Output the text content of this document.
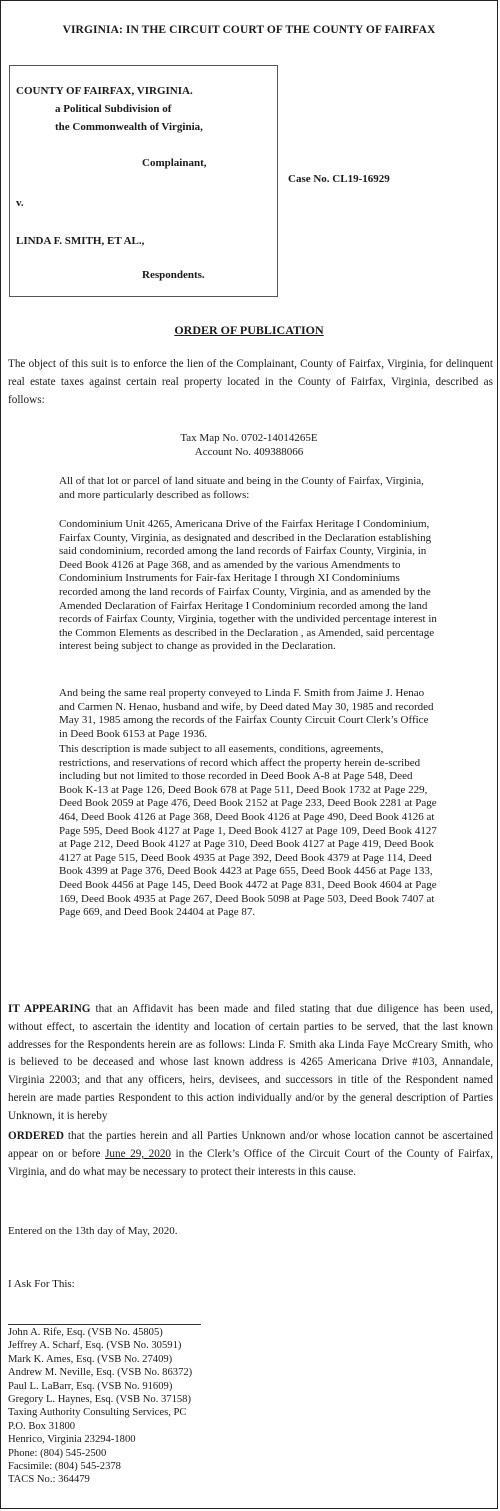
VIRGINIA: IN THE CIRCUIT COURT OF THE COUNTY OF FAIRFAX
COUNTY OF FAIRFAX, VIRGINIA.
a Political Subdivision of
the Commonwealth of Virginia,
Complainant,
v.
LINDA F. SMITH, ET AL.,
Respondents.
Case No. CL19-16929
ORDER OF PUBLICATION
The object of this suit is to enforce the lien of the Complainant, County of Fairfax, Virginia, for delinquent real estate taxes against certain real property located in the County of Fairfax, Virginia, described as follows:
Tax Map No. 0702-14014265E
Account No. 409388066
All of that lot or parcel of land situate and being in the County of Fairfax, Virginia, and more particularly described as follows:
Condominium Unit 4265, Americana Drive of the Fairfax Heritage I Condominium, Fairfax County, Virginia, as designated and described in the Declaration establishing said condominium, recorded among the land records of Fairfax County, Virginia, in Deed Book 4126 at Page 368, and as amended by the various Amendments to Condominium Instruments for Fair-fax Heritage I through XI Condominiums recorded among the land records of Fairfax County, Virginia, and as amended by the Amended Declaration of Fairfax Heritage I Condominium recorded among the land records of Fairfax County, Virginia, together with the undivided percentage interest in the Common Elements as described in the Declaration , as Amended, said percentage interest being subject to change as provided in the Declaration.
And being the same real property conveyed to Linda F. Smith from Jaime J. Henao and Carmen N. Henao, husband and wife, by Deed dated May 30, 1985 and recorded May 31, 1985 among the records of the Fairfax County Circuit Court Clerk’s Office in Deed Book 6153 at Page 1936.
This description is made subject to all easements, conditions, agreements, restrictions, and reservations of record which affect the property herein de-scribed including but not limited to those recorded in Deed Book A-8 at Page 548, Deed Book K-13 at Page 126, Deed Book 678 at Page 511, Deed Book 1732 at Page 229, Deed Book 2059 at Page 476, Deed Book 2152 at Page 233, Deed Book 2281 at Page 464, Deed Book 4126 at Page 368, Deed Book 4126 at Page 490, Deed Book 4126 at Page 595, Deed Book 4127 at Page 1, Deed Book 4127 at Page 109, Deed Book 4127 at Page 212, Deed Book 4127 at Page 310, Deed Book 4127 at Page 419, Deed Book 4127 at Page 515, Deed Book 4935 at Page 392, Deed Book 4379 at Page 114, Deed Book 4399 at Page 376, Deed Book 4423 at Page 655, Deed Book 4456 at Page 133, Deed Book 4456 at Page 145, Deed Book 4472 at Page 831, Deed Book 4604 at Page 169, Deed Book 4935 at Page 267, Deed Book 5098 at Page 503, Deed Book 7407 at Page 669, and Deed Book 24404 at Page 87.
IT APPEARING that an Affidavit has been made and filed stating that due diligence has been used, without effect, to ascertain the identity and location of certain parties to be served, that the last known addresses for the Respondents herein are as follows: Linda F. Smith aka Linda Faye McCreary Smith, who is believed to be deceased and whose last known address is 4265 Americana Drive #103, Annandale, Virginia 22003; and that any officers, heirs, devisees, and successors in title of the Respondent named herein are made parties Respondent to this action individually and/or by the general description of Parties Unknown, it is hereby
ORDERED that the parties herein and all Parties Unknown and/or whose location cannot be ascertained appear on or before June 29, 2020 in the Clerk’s Office of the Circuit Court of the County of Fairfax, Virginia, and do what may be necessary to protect their interests in this cause.
Entered on the 13th day of May, 2020.
I Ask For This:
John A. Rife, Esq. (VSB No. 45805)
Jeffrey A. Scharf, Esq. (VSB No. 30591)
Mark K. Ames, Esq. (VSB No. 27409)
Andrew M. Neville, Esq. (VSB No. 86372)
Paul L. LaBarr, Esq. (VSB No. 91609)
Gregory L. Haynes, Esq. (VSB No. 37158)
Taxing Authority Consulting Services, PC
P.O. Box 31800
Henrico, Virginia 23294-1800
Phone: (804) 545-2500
Facsimile: (804) 545-2378
TACS No.: 364479
